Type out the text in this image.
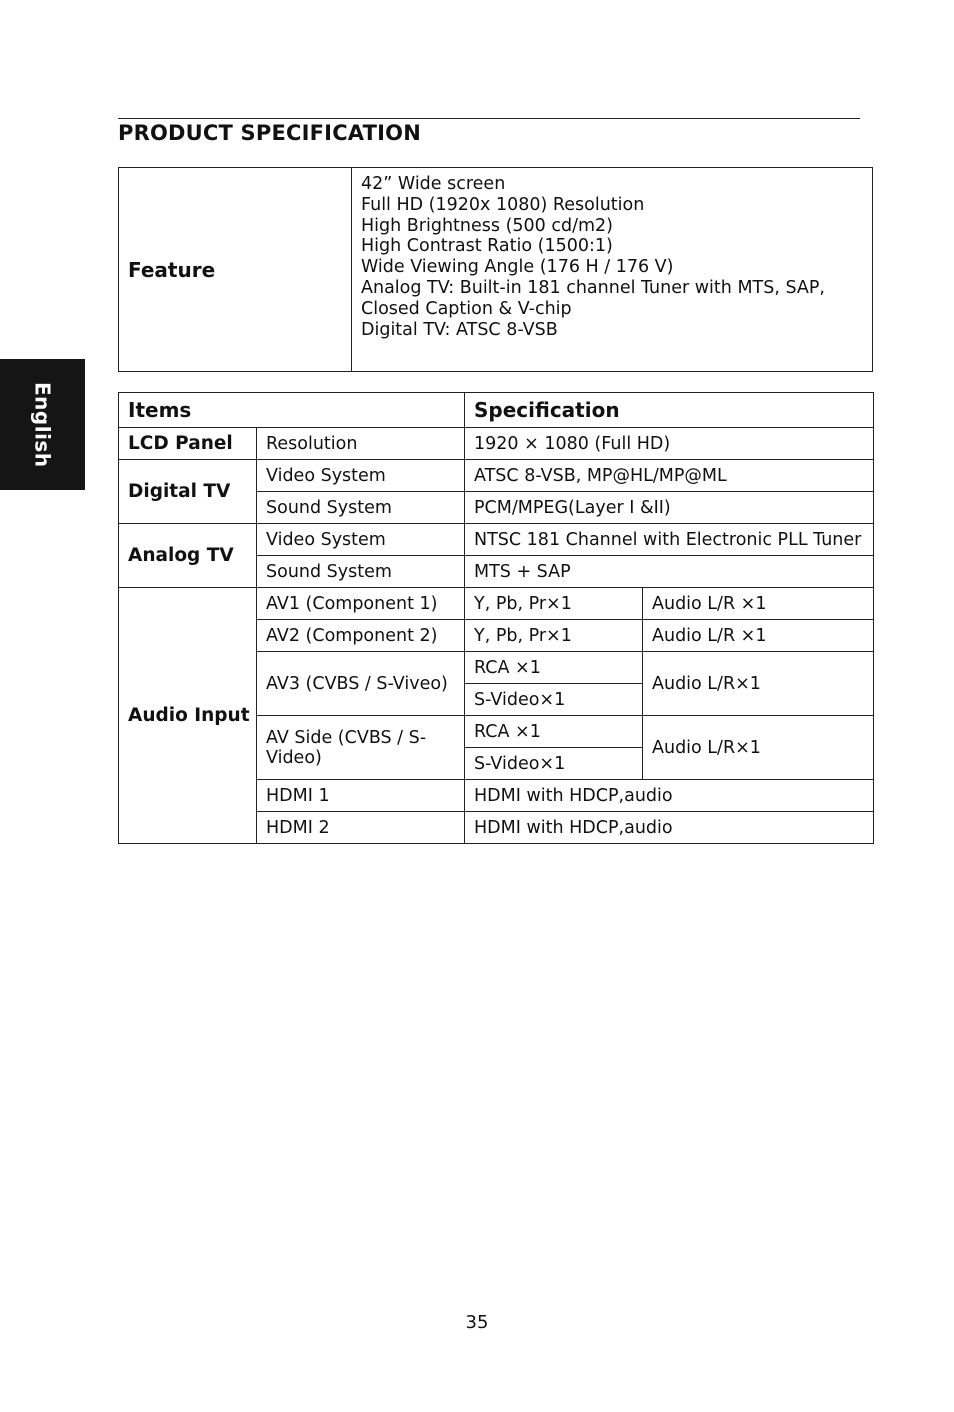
PRODUCT SPECIFICATION
English
Feature	
42” Wide screen
Full HD (1920x 1080) Resolution
High Brightness (500 cd/m2)
High Contrast Ratio (1500:1)
Wide Viewing Angle (176 H / 176 V)
Analog TV: Built-in 181 channel Tuner with MTS, SAP, Closed Caption & V-chip
Digital TV: ATSC 8-VSB
Items		Specification	
LCD Panel	Resolution	1920 × 1080 (Full HD)	
Digital TV	Video System	ATSC 8-VSB, MP@HL/MP@ML	
	Sound System	PCM/MPEG(Layer I &II)	
Analog TV	Video System	NTSC 181 Channel with Electronic PLL Tuner	
	Sound System	MTS + SAP	
Audio Input	AV1 (Component 1)	Y, Pb, Pr×1	Audio L/R ×1
	AV2 (Component 2)	Y, Pb, Pr×1	Audio L/R ×1
	AV3 (CVBS / S-Viveo)	RCA ×1	Audio L/R×1
		S-Video×1	
	AV Side (CVBS / S-Video)	RCA ×1	Audio L/R×1
		S-Video×1	
	HDMI 1	HDMI with HDCP,audio	
	HDMI 2	HDMI with HDCP,audio	
35
